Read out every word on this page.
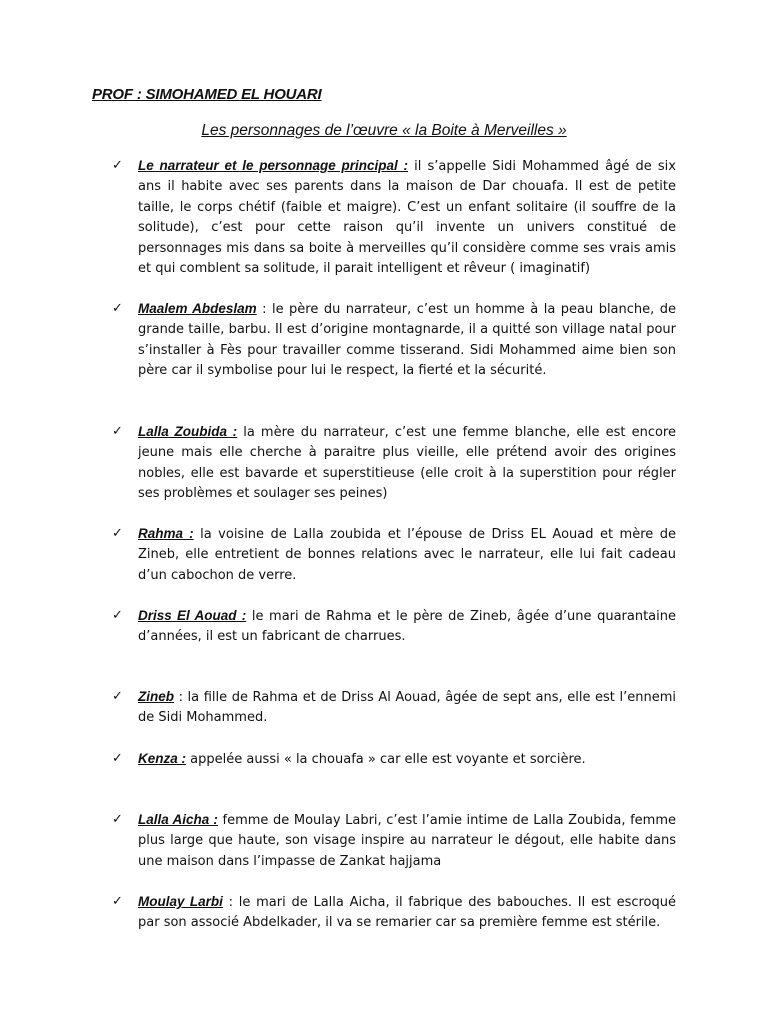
PROF : SIMOHAMED EL HOUARI
Les personnages de l’œuvre « la Boite à Merveilles »
✓ Le narrateur et le personnage principal : il s’appelle Sidi Mohammed âgé de six ans il habite avec ses parents dans la maison de Dar chouafa. Il est de petite taille, le corps chétif (faible et maigre). C’est un enfant solitaire (il souffre de la solitude), c’est pour cette raison qu’il invente un univers constitué de personnages mis dans sa boite à merveilles qu’il considère comme ses vrais amis et qui comblent sa solitude, il parait intelligent et rêveur ( imaginatif)
✓ Maalem Abdeslam : le père du narrateur, c’est un homme à la peau blanche, de grande taille, barbu. Il est d’origine montagnarde, il a quitté son village natal pour s’installer à Fès pour travailler comme tisserand. Sidi Mohammed aime bien son père car il symbolise pour lui le respect, la fierté et la sécurité.
✓ Lalla Zoubida : la mère du narrateur, c’est une femme blanche, elle est encore jeune mais elle cherche à paraitre plus vieille, elle prétend avoir des origines nobles, elle est bavarde et superstitieuse (elle croit à la superstition pour régler ses problèmes et soulager ses peines)
✓ Rahma : la voisine de Lalla zoubida et l’épouse de Driss EL Aouad et mère de Zineb, elle entretient de bonnes relations avec le narrateur, elle lui fait cadeau d’un cabochon de verre.
✓ Driss El Aouad : le mari de Rahma et le père de Zineb, âgée d’une quarantaine d’années, il est un fabricant de charrues.
✓ Zineb : la fille de Rahma et de Driss Al Aouad, âgée de sept ans, elle est l’ennemi de Sidi Mohammed.
✓ Kenza : appelée aussi « la chouafa » car elle est voyante et sorcière.
✓ Lalla Aicha : femme de Moulay Labri, c’est l’amie intime de Lalla Zoubida, femme plus large que haute, son visage inspire au narrateur le dégout, elle habite dans une maison dans l’impasse de Zankat hajjama
✓ Moulay Larbi : le mari de Lalla Aicha, il fabrique des babouches. Il est escroqué par son associé Abdelkader, il va se remarier car sa première femme est stérile.
